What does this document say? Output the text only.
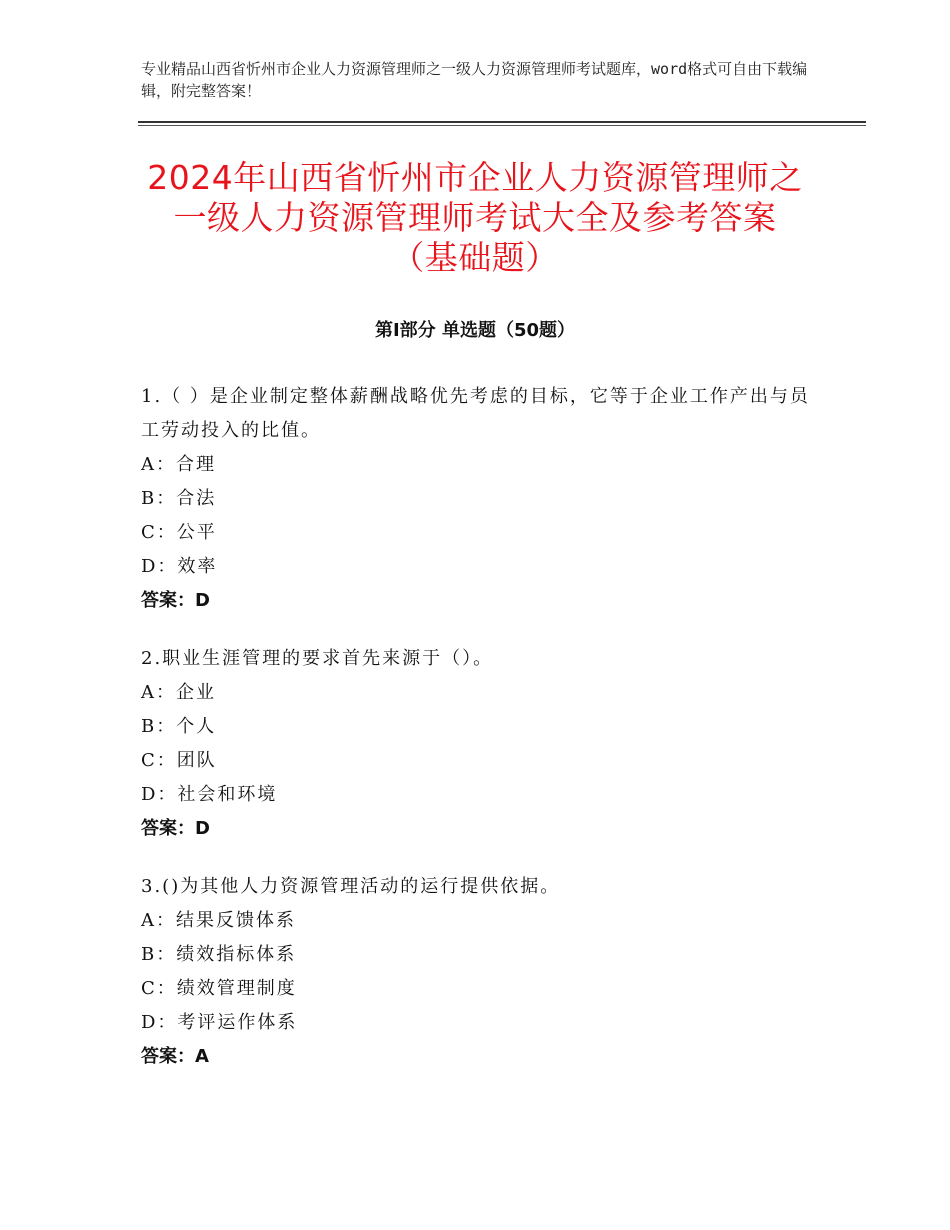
专业精品山西省忻州市企业人力资源管理师之一级人力资源管理师考试题库，word格式可自由下载编辑，附完整答案！
2024年山西省忻州市企业人力资源管理师之
一级人力资源管理师考试大全及参考答案
（基础题）
第Ⅰ部分 单选题（50题）

1.（ ）是企业制定整体薪酬战略优先考虑的目标，它等于企业工作产出与员工劳动投入的比值。

A：合理

B：合法

C：公平

D：效率

答案：D

2.职业生涯管理的要求首先来源于（）。

A：企业

B：个人

C：团队

D：社会和环境

答案：D

3.()为其他人力资源管理活动的运行提供依据。

A：结果反馈体系

B：绩效指标体系

C：绩效管理制度

D：考评运作体系

答案：A
